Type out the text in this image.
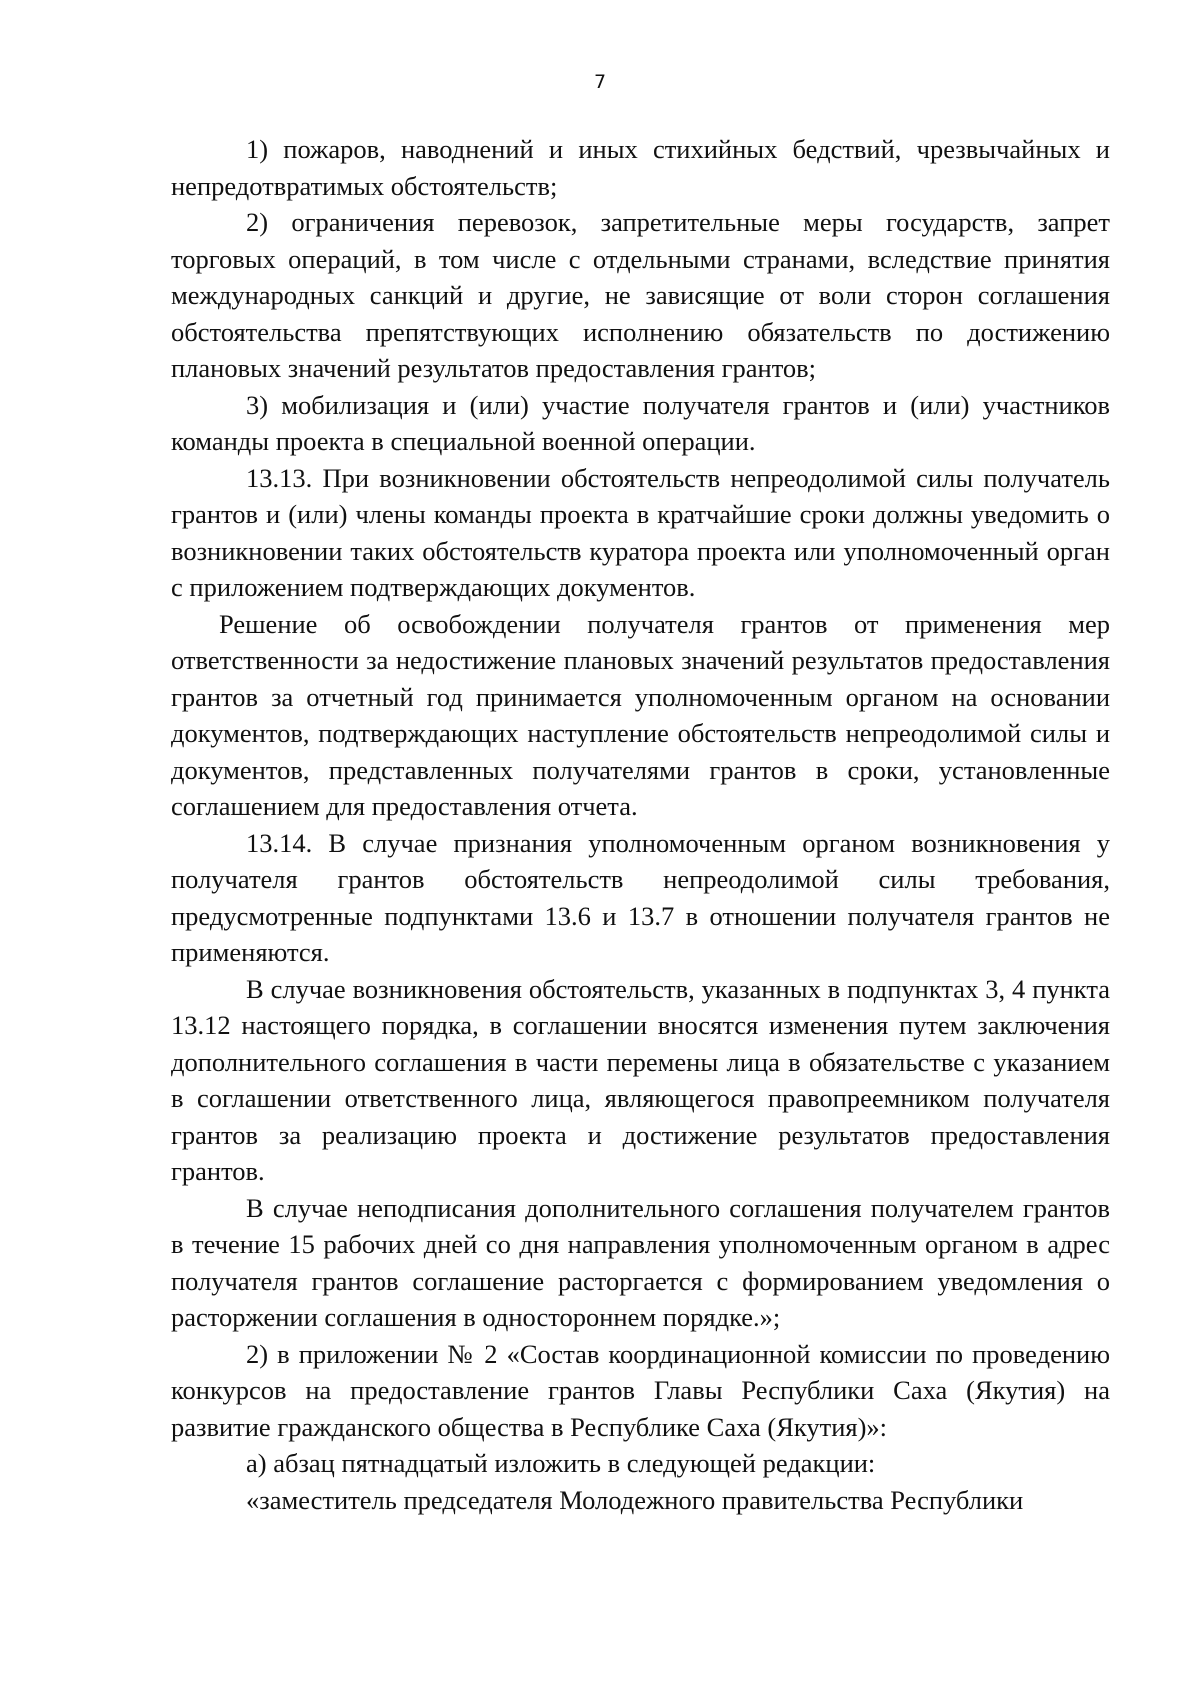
7

1) пожаров, наводнений и иных стихийных бедствий, чрезвычайных и непредотвратимых обстоятельств;

2) ограничения перевозок, запретительные меры государств, запрет торговых операций, в том числе с отдельными странами, вследствие принятия международных санкций и другие, не зависящие от воли сторон соглашения обстоятельства препятствующих исполнению обязательств по достижению плановых значений результатов предоставления грантов;

3) мобилизация и (или) участие получателя грантов и (или) участников команды проекта в специальной военной операции.

13.13. При возникновении обстоятельств непреодолимой силы получатель грантов и (или) члены команды проекта в кратчайшие сроки должны уведомить о возникновении таких обстоятельств куратора проекта или уполномоченный орган с приложением подтверждающих документов.

Решение об освобождении получателя грантов от применения мер ответственности за недостижение плановых значений результатов предоставления грантов за отчетный год принимается уполномоченным органом на основании документов, подтверждающих наступление обстоятельств непреодолимой силы и документов, представленных получателями грантов в сроки, установленные соглашением для предоставления отчета.

13.14. В случае признания уполномоченным органом возникновения у получателя грантов обстоятельств непреодолимой силы требования, предусмотренные подпунктами 13.6 и 13.7 в отношении получателя грантов не применяются.

В случае возникновения обстоятельств, указанных в подпунктах 3, 4 пункта 13.12 настоящего порядка, в соглашении вносятся изменения путем заключения дополнительного соглашения в части перемены лица в обязательстве с указанием в соглашении ответственного лица, являющегося правопреемником получателя грантов за реализацию проекта и достижение результатов предоставления грантов.

В случае неподписания дополнительного соглашения получателем грантов в течение 15 рабочих дней со дня направления уполномоченным органом в адрес получателя грантов соглашение расторгается с формированием уведомления о расторжении соглашения в одностороннем порядке.»;

2) в приложении № 2 «Состав координационной комиссии по проведению конкурсов на предоставление грантов Главы Республики Саха (Якутия) на развитие гражданского общества в Республике Саха (Якутия)»:

а) абзац пятнадцатый изложить в следующей редакции:

«заместитель председателя Молодежного правительства Республики
